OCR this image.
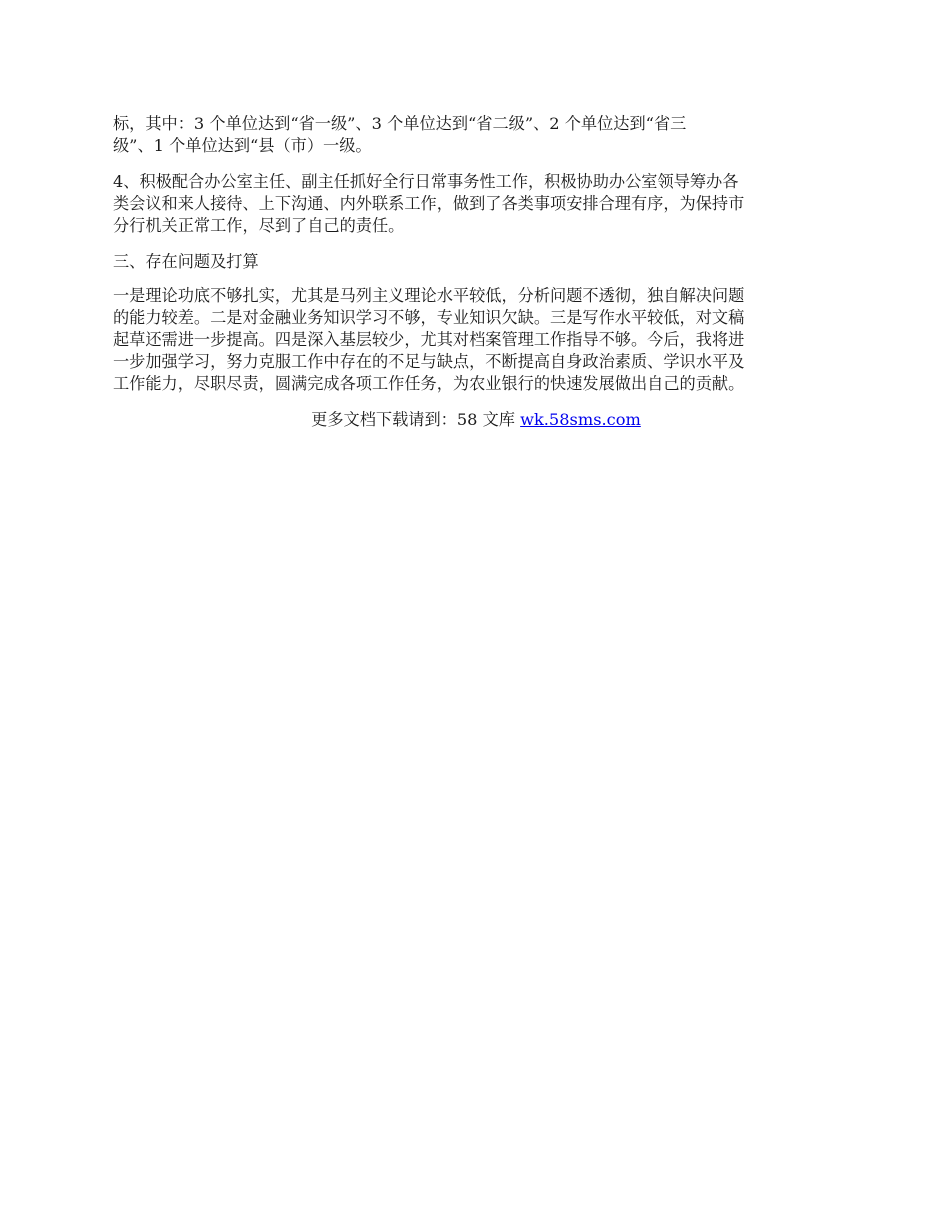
标，其中：3 个单位达到“省一级”、3 个单位达到“省二级”、2 个单位达到“省三
级”、1 个单位达到“县（市）一级。

4、积极配合办公室主任、副主任抓好全行日常事务性工作，积极协助办公室领导筹办各
类会议和来人接待、上下沟通、内外联系工作，做到了各类事项安排合理有序，为保持市
分行机关正常工作，尽到了自己的责任。

三、存在问题及打算

一是理论功底不够扎实，尤其是马列主义理论水平较低，分析问题不透彻，独自解决问题
的能力较差。二是对金融业务知识学习不够，专业知识欠缺。三是写作水平较低，对文稿
起草还需进一步提高。四是深入基层较少，尤其对档案管理工作指导不够。今后，我将进
一步加强学习，努力克服工作中存在的不足与缺点，不断提高自身政治素质、学识水平及
工作能力，尽职尽责，圆满完成各项工作任务，为农业银行的快速发展做出自己的贡献。

更多文档下载请到：58 文库 wk.58sms.com
